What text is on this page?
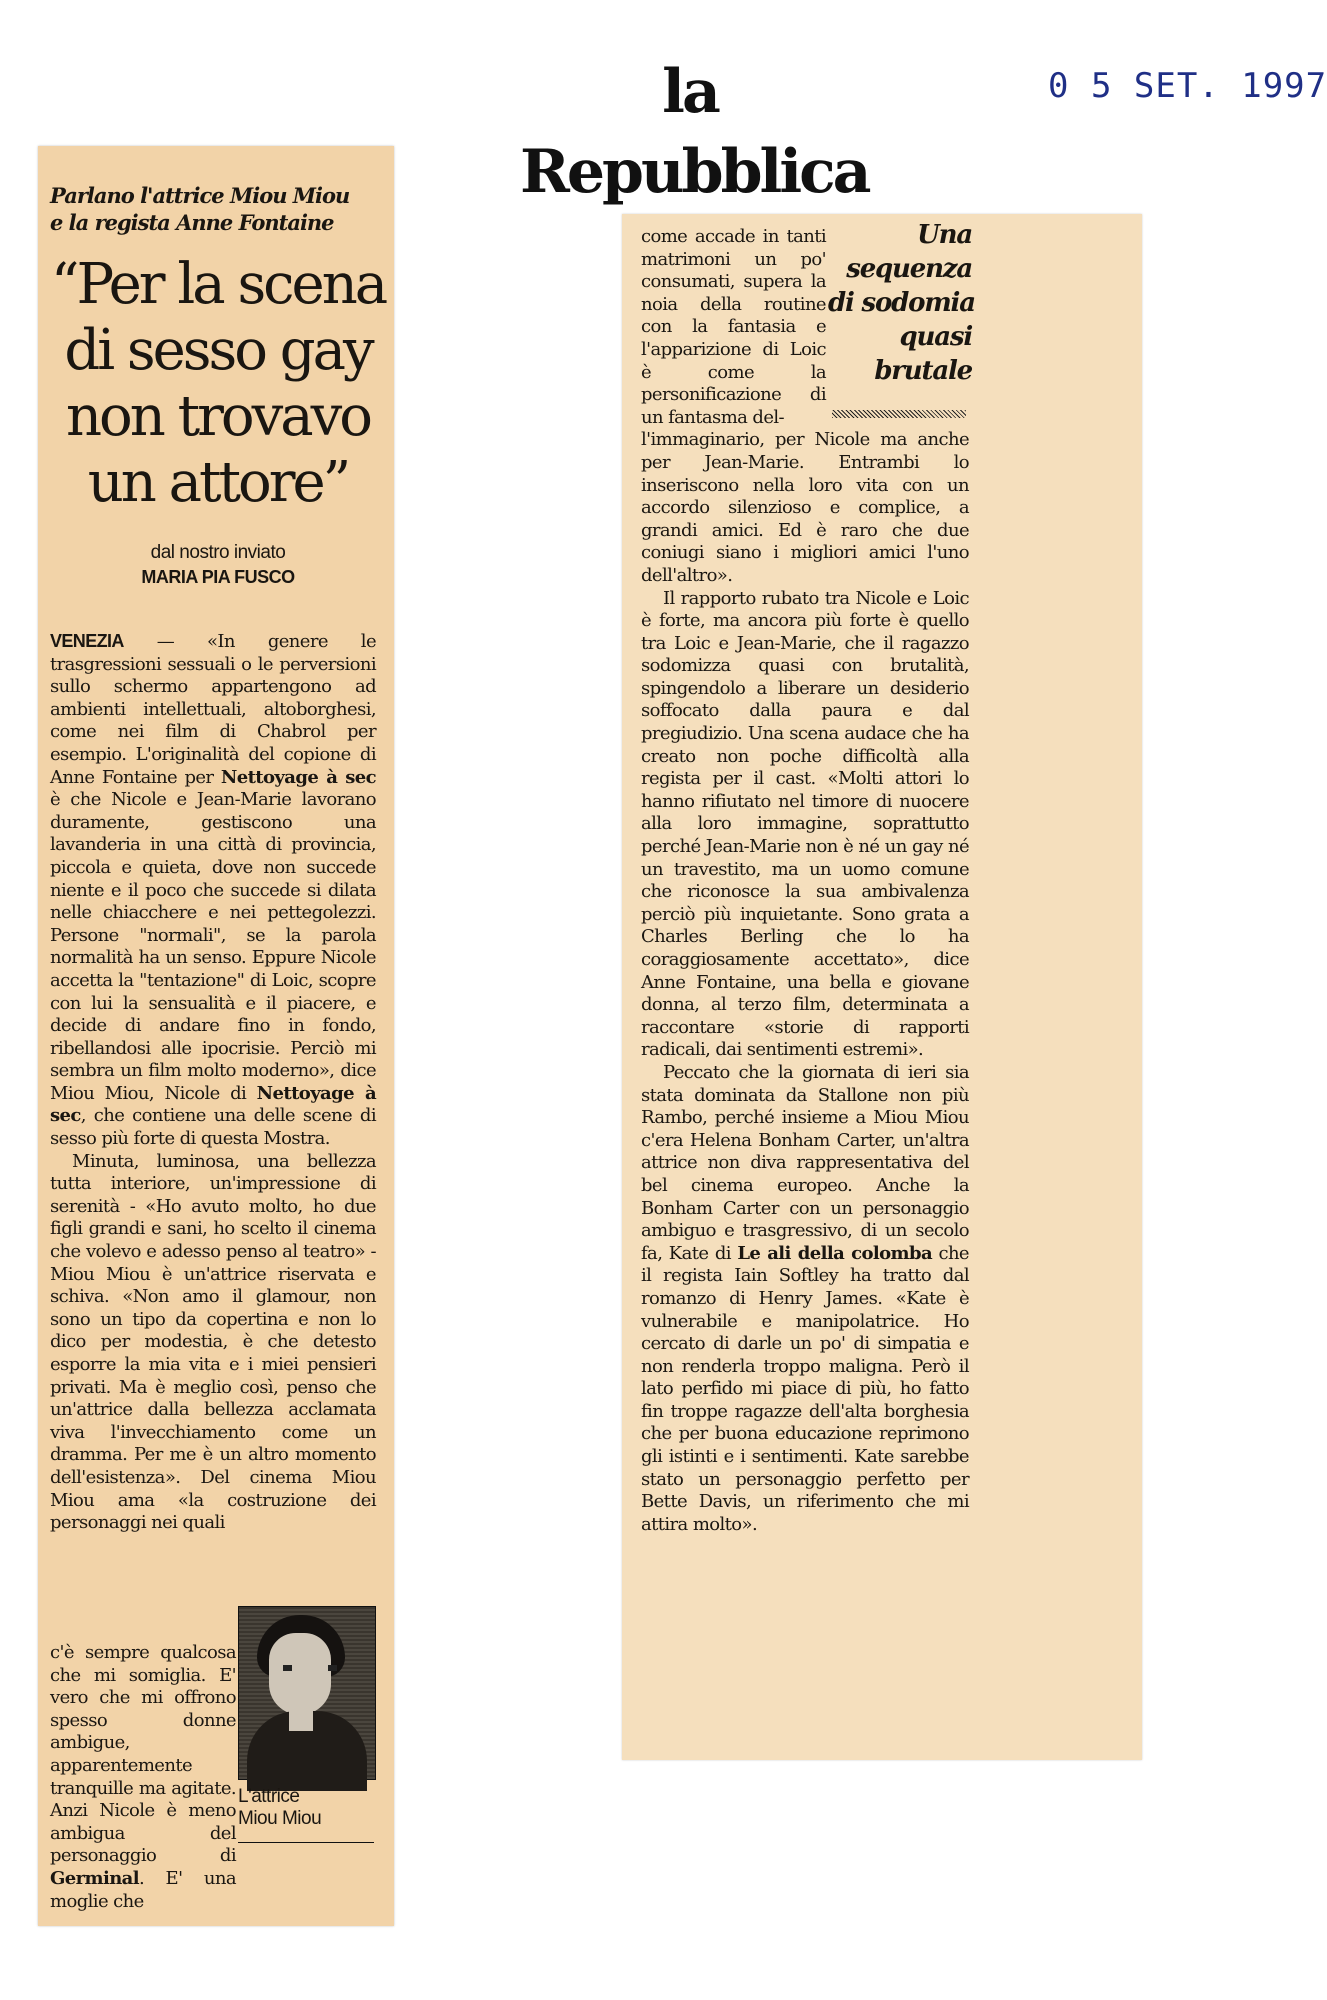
la Repubblica
0 5 SET. 1997
Parlano l'attrice Miou Miou
e la regista Anne Fontaine
“Per la scena
di sesso gay
non trovavo
un attore”
dal nostro inviato
MARIA PIA FUSCO

VENEZIA — «In genere le trasgressioni sessuali o le perversioni sullo schermo appartengono ad ambienti intellettuali, altoborghesi, come nei film di Chabrol per esempio. L'originalità del copione di Anne Fontaine per Nettoyage à sec è che Nicole e Jean-Marie lavorano duramente, gestiscono una lavanderia in una città di provincia, piccola e quieta, dove non succede niente e il poco che succede si dilata nelle chiacchere e nei pettegolezzi. Persone "normali", se la parola normalità ha un senso. Eppure Nicole accetta la "tentazione" di Loic, scopre con lui la sensualità e il piacere, e decide di andare fino in fondo, ribellandosi alle ipocrisie. Perciò mi sembra un film molto moderno», dice Miou Miou, Nicole di Nettoyage à sec, che contiene una delle scene di sesso più forte di questa Mostra.

Minuta, luminosa, una bellezza tutta interiore, un'impressione di serenità - «Ho avuto molto, ho due figli grandi e sani, ho scelto il cinema che volevo e adesso penso al teatro» - Miou Miou è un'attrice riservata e schiva. «Non amo il glamour, non sono un tipo da copertina e non lo dico per modestia, è che detesto esporre la mia vita e i miei pensieri privati. Ma è meglio così, penso che un'attrice dalla bellezza acclamata viva l'invecchiamento come un dramma. Per me è un altro momento dell'esistenza». Del cinema Miou Miou ama «la costruzione dei personaggi nei quali

c'è sempre qualcosa che mi somiglia. E' vero che mi offrono spesso donne ambigue, apparentemente tranquille ma agitate. Anzi Nicole è meno ambigua del personaggio di Germinal. E' una moglie che
L'attrice
Miou Miou

come accade in tanti matrimoni un po' consumati, supera la noia della routine con la fantasia e l'apparizione di Loic è come la personificazione di un fantasma del-

l'immaginario, per Nicole ma anche per Jean-Marie. Entrambi lo inseriscono nella loro vita con un accordo silenzioso e complice, a grandi amici. Ed è raro che due coniugi siano i migliori amici l'uno dell'altro».

Il rapporto rubato tra Nicole e Loic è forte, ma ancora più forte è quello tra Loic e Jean-Marie, che il ragazzo sodomizza quasi con brutalità, spingendolo a liberare un desiderio soffocato dalla paura e dal pregiudizio. Una scena audace che ha creato non poche difficoltà alla regista per il cast. «Molti attori lo hanno rifiutato nel timore di nuocere alla loro immagine, soprattutto perché Jean-Marie non è né un gay né un travestito, ma un uomo comune che riconosce la sua ambivalenza perciò più inquietante. Sono grata a Charles Berling che lo ha coraggiosamente accettato», dice Anne Fontaine, una bella e giovane donna, al terzo film, determinata a raccontare «storie di rapporti radicali, dai sentimenti estremi».

Peccato che la giornata di ieri sia stata dominata da Stallone non più Rambo, perché insieme a Miou Miou c'era Helena Bonham Carter, un'altra attrice non diva rappresentativa del bel cinema europeo. Anche la Bonham Carter con un personaggio ambiguo e trasgressivo, di un secolo fa, Kate di Le ali della colomba che il regista Iain Softley ha tratto dal romanzo di Henry James. «Kate è vulnerabile e manipolatrice. Ho cercato di darle un po' di simpatia e non renderla troppo maligna. Però il lato perfido mi piace di più, ho fatto fin troppe ragazze dell'alta borghesia che per buona educazione reprimono gli istinti e i sentimenti. Kate sarebbe stato un personaggio perfetto per Bette Davis, un riferimento che mi attira molto».

Una
sequenza
di sodomia
quasi
brutale
